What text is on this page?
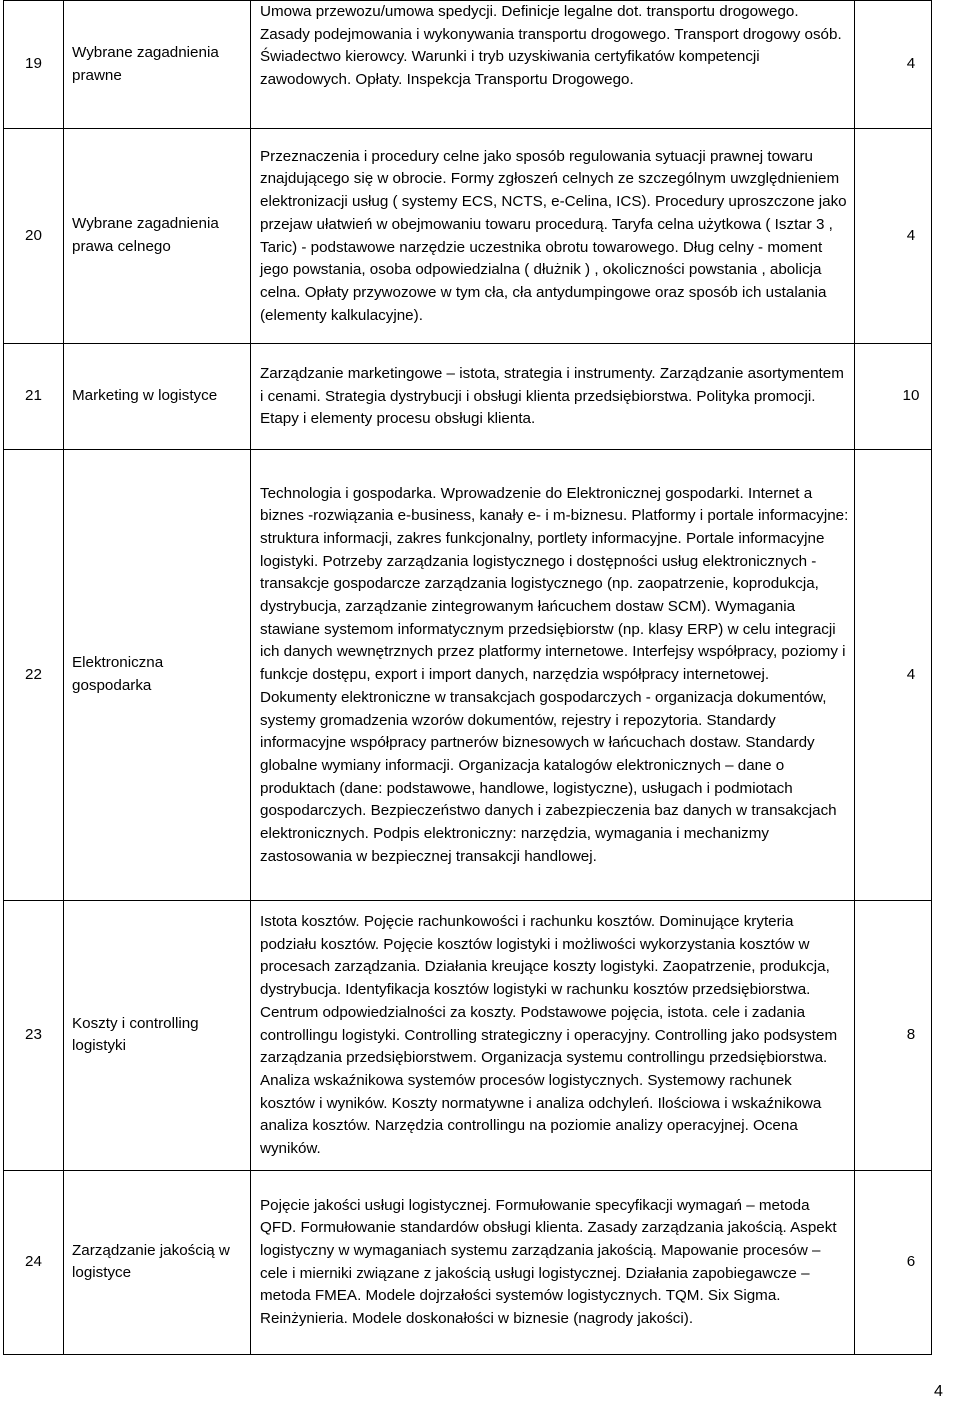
19	Wybrane zagadnienia prawne	Umowa przewozu/umowa spedycji. Definicje legalne dot. transportu drogowego. Zasady podejmowania i wykonywania transportu drogowego. Transport drogowy osób. Świadectwo kierowcy. Warunki i tryb uzyskiwania certyfikatów kompetencji zawodowych. Opłaty. Inspekcja Transportu Drogowego.	4
20	Wybrane zagadnienia prawa celnego	Przeznaczenia i procedury celne jako sposób regulowania sytuacji prawnej towaru znajdującego się w obrocie. Formy zgłoszeń celnych ze szczególnym uwzględnieniem elektronizacji usług ( systemy ECS, NCTS, e-Celina, ICS). Procedury uproszczone jako przejaw ułatwień w obejmowaniu towaru procedurą. Taryfa celna użytkowa ( Isztar 3 , Taric) - podstawowe narzędzie uczestnika obrotu towarowego. Dług celny - moment jego powstania, osoba odpowiedzialna ( dłużnik ) , okoliczności powstania , abolicja celna. Opłaty przywozowe w tym cła, cła antydumpingowe oraz sposób ich ustalania (elementy kalkulacyjne).	4
21	Marketing w logistyce	Zarządzanie marketingowe – istota, strategia i instrumenty. Zarządzanie asortymentem i cenami. Strategia dystrybucji i obsługi klienta przedsiębiorstwa. Polityka promocji. Etapy i elementy procesu obsługi klienta.	10
22	Elektroniczna gospodarka	Technologia i gospodarka. Wprowadzenie do Elektronicznej gospodarki. Internet a biznes -rozwiązania e-business, kanały e- i m-biznesu. Platformy i portale informacyjne: struktura informacji, zakres funkcjonalny, portlety informacyjne. Portale informacyjne logistyki. Potrzeby zarządzania logistycznego i dostępności usług elektronicznych - transakcje gospodarcze zarządzania logistycznego (np. zaopatrzenie, koprodukcja, dystrybucja, zarządzanie zintegrowanym łańcuchem dostaw SCM). Wymagania stawiane systemom informatycznym przedsiębiorstw (np. klasy ERP) w celu integracji ich danych wewnętrznych przez platformy internetowe. Interfejsy współpracy, poziomy i funkcje dostępu, export i import danych, narzędzia współpracy internetowej. Dokumenty elektroniczne w transakcjach gospodarczych - organizacja dokumentów, systemy gromadzenia wzorów dokumentów, rejestry i repozytoria. Standardy informacyjne współpracy partnerów biznesowych w łańcuchach dostaw. Standardy globalne wymiany informacji. Organizacja katalogów elektronicznych – dane o produktach (dane: podstawowe, handlowe, logistyczne), usługach i podmiotach gospodarczych. Bezpieczeństwo danych i zabezpieczenia baz danych w transakcjach elektronicznych. Podpis elektroniczny: narzędzia, wymagania i mechanizmy zastosowania w bezpiecznej transakcji handlowej.	4
23	Koszty i controlling logistyki	Istota kosztów. Pojęcie rachunkowości i rachunku kosztów. Dominujące kryteria podziału kosztów. Pojęcie kosztów logistyki i możliwości wykorzystania kosztów w procesach zarządzania. Działania kreujące koszty logistyki. Zaopatrzenie, produkcja, dystrybucja. Identyfikacja kosztów logistyki w rachunku kosztów przedsiębiorstwa. Centrum odpowiedzialności za koszty. Podstawowe pojęcia, istota. cele i zadania controllingu logistyki. Controlling strategiczny i operacyjny. Controlling jako podsystem zarządzania przedsiębiorstwem. Organizacja systemu controllingu przedsiębiorstwa. Analiza wskaźnikowa systemów procesów logistycznych. Systemowy rachunek kosztów i wyników. Koszty normatywne i analiza odchyleń. Ilościowa i wskaźnikowa analiza kosztów. Narzędzia controllingu na poziomie analizy operacyjnej. Ocena wyników.	8
24	Zarządzanie jakością w logistyce	Pojęcie jakości usługi logistycznej. Formułowanie specyfikacji wymagań – metoda QFD. Formułowanie standardów obsługi klienta. Zasady zarządzania jakością. Aspekt logistyczny w wymaganiach systemu zarządzania jakością. Mapowanie procesów – cele i mierniki związane z jakością usługi logistycznej. Działania zapobiegawcze – metoda FMEA. Modele dojrzałości systemów logistycznych. TQM. Six Sigma. Reinżynieria. Modele doskonałości w biznesie (nagrody jakości).	6
4
